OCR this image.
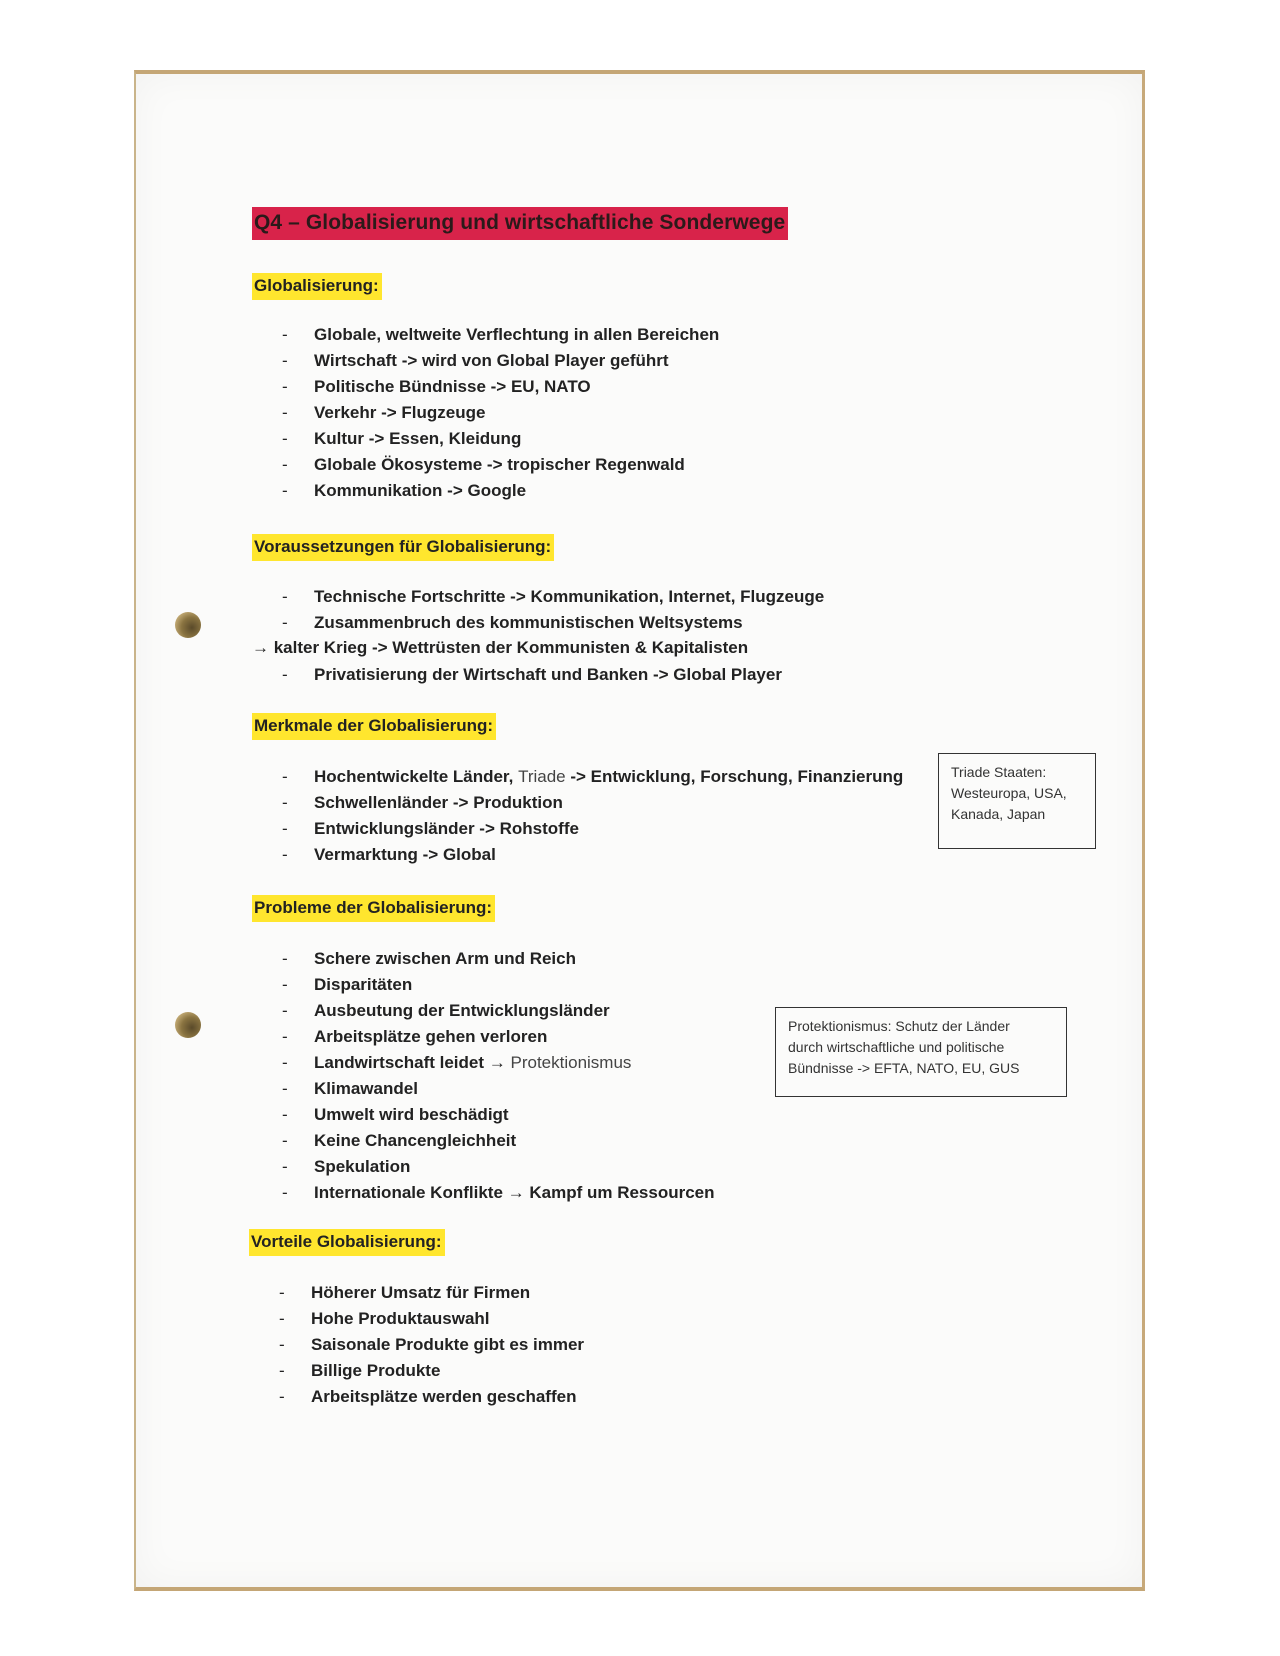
Q4 – Globalisierung und wirtschaftliche Sonderwege
Globalisierung:
- Globale, weltweite Verflechtung in allen Bereichen
- Wirtschaft -> wird von Global Player geführt
- Politische Bündnisse -> EU, NATO
- Verkehr -> Flugzeuge
- Kultur -> Essen, Kleidung
- Globale Ökosysteme -> tropischer Regenwald
- Kommunikation -> Google
Voraussetzungen für Globalisierung:
- Technische Fortschritte -> Kommunikation, Internet, Flugzeuge
- Zusammenbruch des kommunistischen Weltsystems
→ kalter Krieg -> Wettrüsten der Kommunisten & Kapitalisten
- Privatisierung der Wirtschaft und Banken -> Global Player
Merkmale der Globalisierung:
- Hochentwickelte Länder, Triade -> Entwicklung, Forschung, Finanzierung
- Schwellenländer -> Produktion
- Entwicklungsländer -> Rohstoffe
- Vermarktung -> Global
Triade Staaten:
Westeuropa, USA,
Kanada, Japan
Probleme der Globalisierung:
- Schere zwischen Arm und Reich
- Disparitäten
- Ausbeutung der Entwicklungsländer
- Arbeitsplätze gehen verloren
- Landwirtschaft leidet → Protektionismus
- Klimawandel
- Umwelt wird beschädigt
- Keine Chancengleichheit
- Spekulation
- Internationale Konflikte → Kampf um Ressourcen
Protektionismus: Schutz der Länder
durch wirtschaftliche und politische
Bündnisse -> EFTA, NATO, EU, GUS
Vorteile Globalisierung:
- Höherer Umsatz für Firmen
- Hohe Produktauswahl
- Saisonale Produkte gibt es immer
- Billige Produkte
- Arbeitsplätze werden geschaffen
